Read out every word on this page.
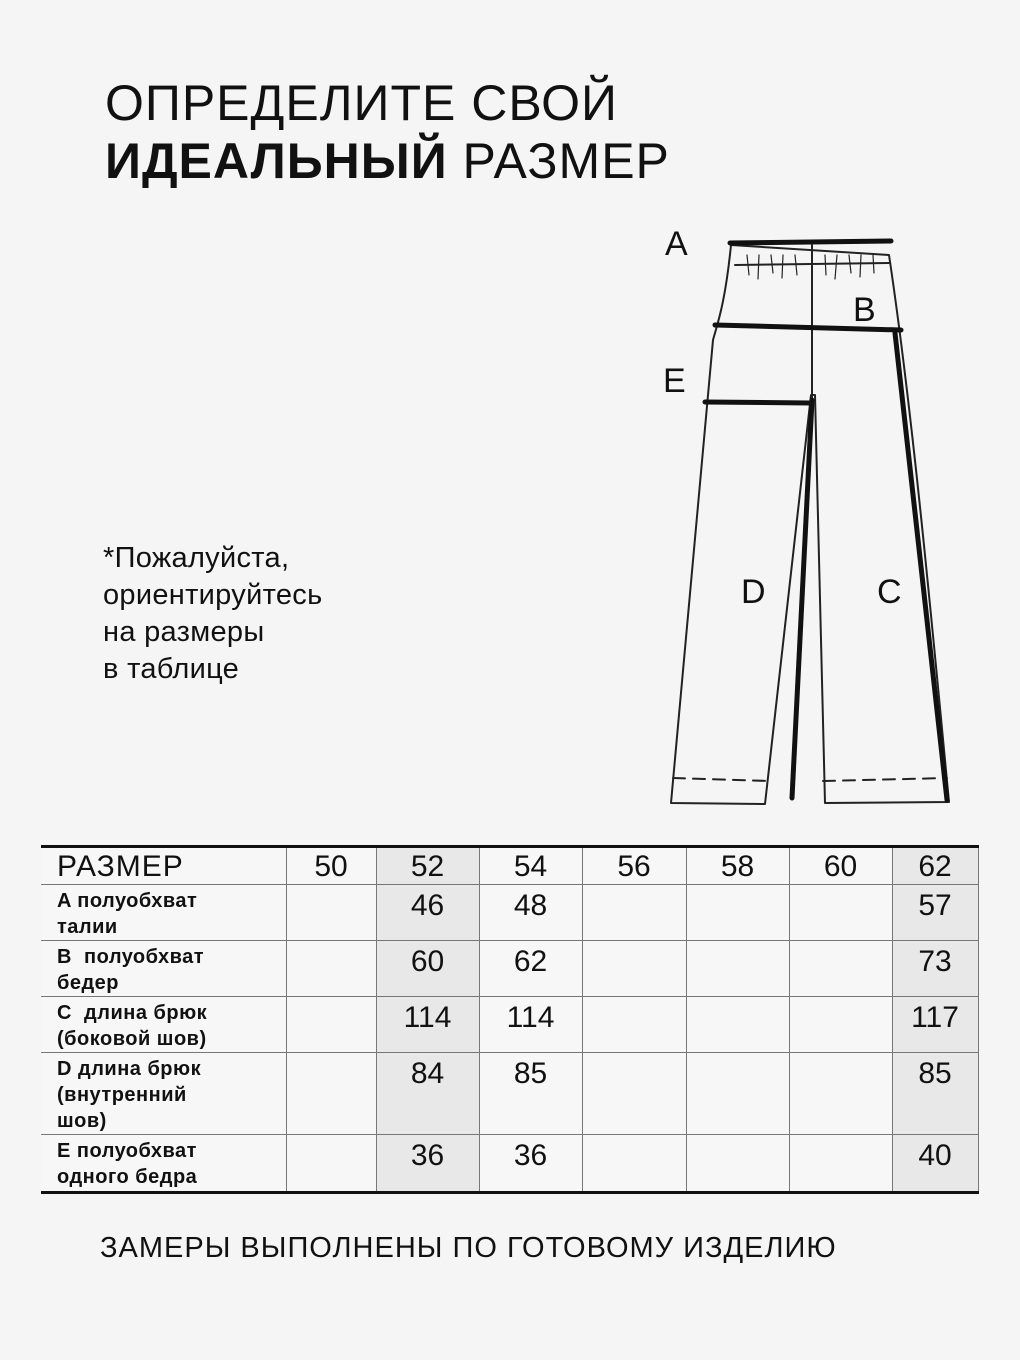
ОПРЕДЕЛИТЕ СВОЙ
ИДЕАЛЬНЫЙ РАЗМЕР
*Пожалуйста,
ориентируйтесь
на размеры
в таблице
A
B
E
D	C
РАЗМЕР	50	52	54	56	58	60	62

A полуобхват
талии		46	48				57

B  полуобхват
бедер		60	62				73

C  длина брюк
(боковой шов)		114	114				117

D длина брюк
(внутренний
шов)		84	85				85

E полуобхват
одного бедра		36	36				40
ЗАМЕРЫ ВЫПОЛНЕНЫ ПО ГОТОВОМУ ИЗДЕЛИЮ
